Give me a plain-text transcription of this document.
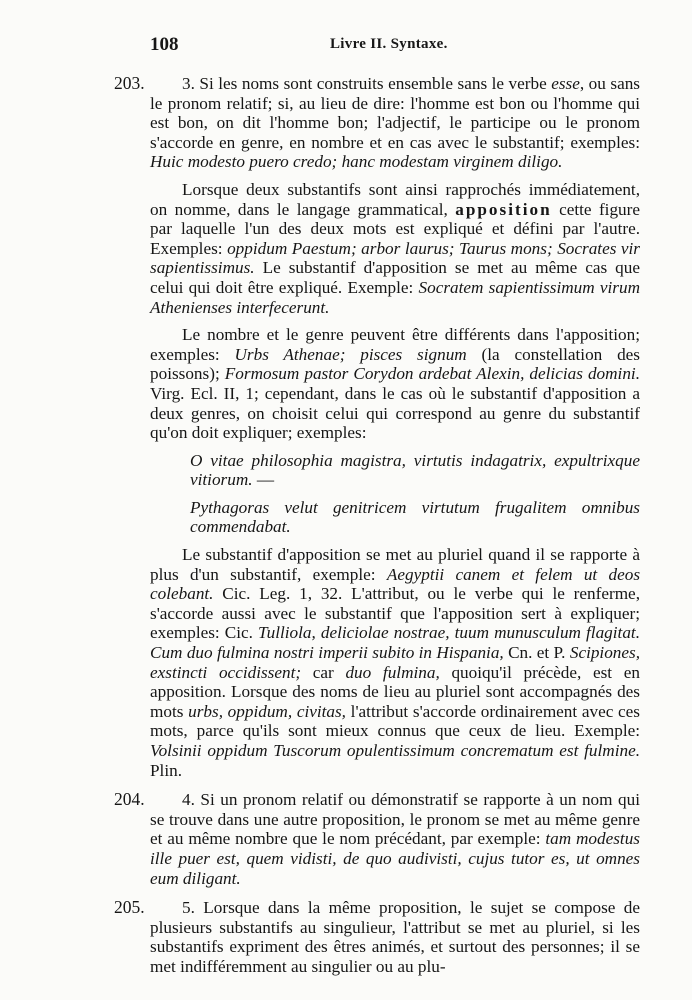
108	Livre II. Syntaxe.

203.	3. Si les noms sont construits ensemble sans le verbe esse, ou sans le pronom relatif; si, au lieu de dire: l'homme est bon ou l'homme qui est bon, on dit l'homme bon; l'adjectif, le participe ou le pronom s'accorde en genre, en nombre et en cas avec le substantif; exemples: Huic modesto puero credo; hanc modestam virginem diligo.

Lorsque deux substantifs sont ainsi rapprochés immédiatement, on nomme, dans le langage grammatical, apposition cette figure par laquelle l'un des deux mots est expliqué et défini par l'autre. Exemples: oppidum Paestum; arbor laurus; Taurus mons; Socrates vir sapientissimus. Le substantif d'apposition se met au même cas que celui qui doit être expliqué. Exemple: Socratem sapientissimum virum Athenienses interfecerunt.

Le nombre et le genre peuvent être différents dans l'apposition; exemples: Urbs Athenae; pisces signum (la constellation des poissons); Formosum pastor Corydon ardebat Alexin, delicias domini. Virg. Ecl. II, 1; cependant, dans le cas où le substantif d'apposition a deux genres, on choisit celui qui correspond au genre du substantif qu'on doit expliquer; exemples:

O vitae philosophia magistra, virtutis indagatrix, expultrixque vitiorum. —

Pythagoras velut genitricem virtutum frugalitem omnibus commendabat.

Le substantif d'apposition se met au pluriel quand il se rapporte à plus d'un substantif, exemple: Aegyptii canem et felem ut deos colebant. Cic. Leg. 1, 32. L'attribut, ou le verbe qui le renferme, s'accorde aussi avec le substantif que l'apposition sert à expliquer; exemples: Cic. Tulliola, deliciolae nostrae, tuum munusculum flagitat. Cum duo fulmina nostri imperii subito in Hispania, Cn. et P. Scipiones, exstincti occidissent; car duo fulmina, quoiqu'il précède, est en apposition. Lorsque des noms de lieu au pluriel sont accompagnés des mots urbs, oppidum, civitas, l'attribut s'accorde ordinairement avec ces mots, parce qu'ils sont mieux connus que ceux de lieu. Exemple: Volsinii oppidum Tuscorum opulentissimum concrematum est fulmine. Plin.

204.	4. Si un pronom relatif ou démonstratif se rapporte à un nom qui se trouve dans une autre proposition, le pronom se met au même genre et au même nombre que le nom précédant, par exemple: tam modestus ille puer est, quem vidisti, de quo audivisti, cujus tutor es, ut omnes eum diligant.

205.	5. Lorsque dans la même proposition, le sujet se compose de plusieurs substantifs au singulieur, l'attribut se met au pluriel, si les substantifs expriment des êtres animés, et surtout des personnes; il se met indifféremment au singulier ou au plu-
